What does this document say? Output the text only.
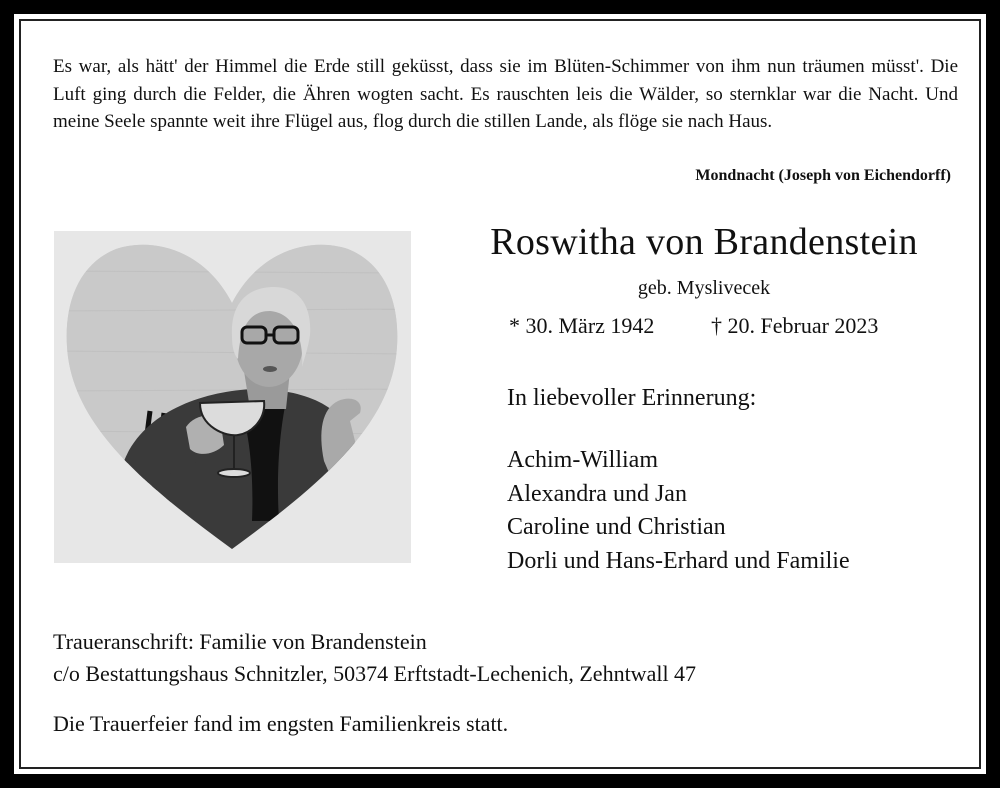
Es war, als hätt' der Himmel die Erde still geküsst, dass sie im Blüten-Schimmer von ihm nun träumen müsst'. Die Luft ging durch die Felder, die Ähren wogten sacht. Es rauschten leis die Wälder, so sternklar war die Nacht. Und meine Seele spannte weit ihre Flügel aus, flog durch die stillen Lande, als flöge sie nach Haus.
Mondnacht (Joseph von Eichendorff)
Roswitha von Brandenstein
geb. Myslivecek
* 30. März 1942	† 20. Februar 2023
In liebevoller Erinnerung:
Achim-William
Alexandra und Jan
Caroline und Christian
Dorli und Hans-Erhard und Familie
Traueranschrift: Familie von Brandenstein
c/o Bestattungshaus Schnitzler, 50374 Erftstadt-Lechenich, Zehntwall 47
Die Trauerfeier fand im engsten Familienkreis statt.
